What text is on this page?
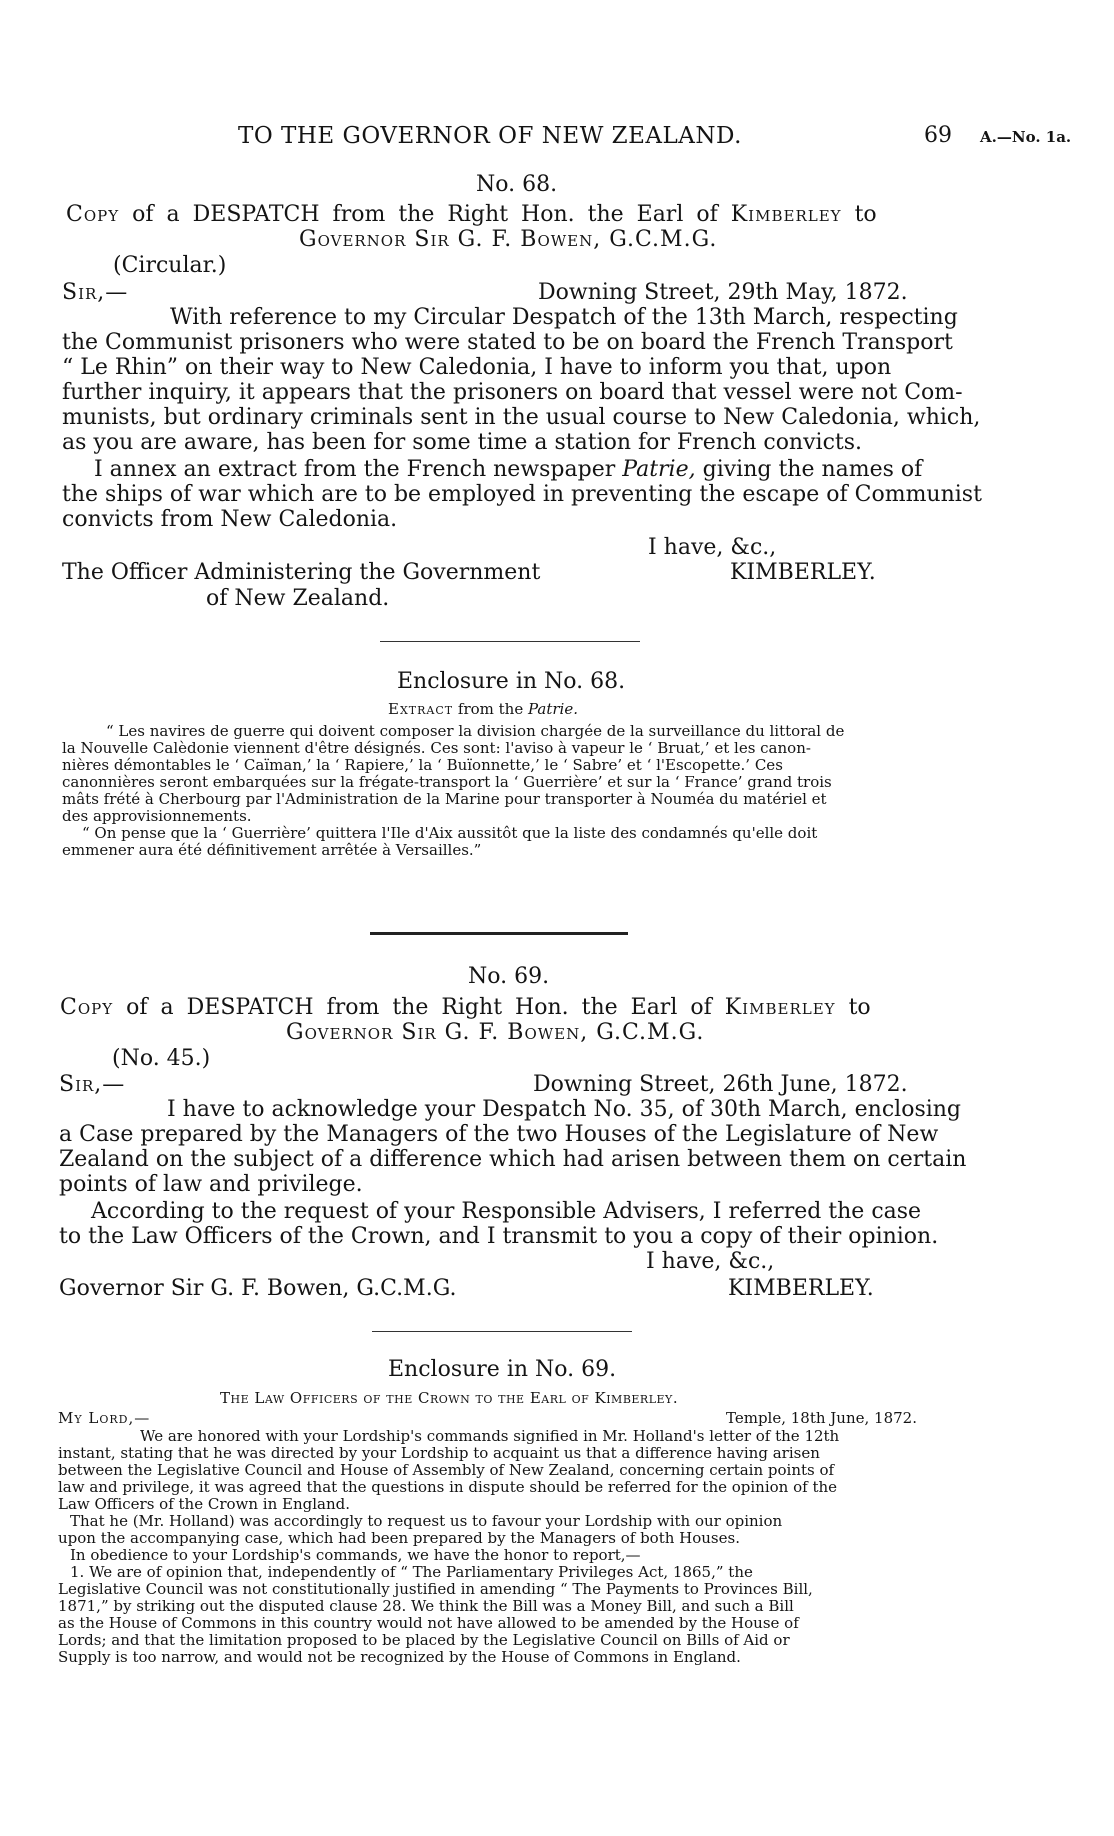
TO THE GOVERNOR OF NEW ZEALAND.	69 A.—No. 1a.
No. 68.
Copy of a DESPATCH from the Right Hon. the Earl of Kimberley to
Governor Sir G. F. Bowen, G.C.M.G.
(Circular.)
Sir,—	Downing Street, 29th May, 1872.
With reference to my Circular Despatch of the 13th March, respecting
the Communist prisoners who were stated to be on board the French Transport
“ Le Rhin” on their way to New Caledonia, I have to inform you that, upon
further inquiry, it appears that the prisoners on board that vessel were not Com-
munists, but ordinary criminals sent in the usual course to New Caledonia, which,
as you are aware, has been for some time a station for French convicts.
I annex an extract from the French newspaper Patrie, giving the names of
the ships of war which are to be employed in preventing the escape of Communist
convicts from New Caledonia.
I have, &c.,
The Officer Administering the Government	KIMBERLEY.
of New Zealand.
Enclosure in No. 68.
Extract from the Patrie.
“ Les navires de guerre qui doivent composer la division chargée de la surveillance du littoral de
la Nouvelle Calèdonie viennent d'être désignés. Ces sont: l'aviso à vapeur le ‘ Bruat,’ et les canon-
nières démontables le ‘ Caïman,’ la ‘ Rapiere,’ la ‘ Buïonnette,’ le ‘ Sabre’ et ‘ l'Escopette.’ Ces
canonnières seront embarquées sur la frégate-transport la ‘ Guerrière’ et sur la ‘ France’ grand trois
mâts frété à Cherbourg par l'Administration de la Marine pour transporter à Nouméa du matériel et
des approvisionnements.
“ On pense que la ‘ Guerrière’ quittera l'Ile d'Aix aussitôt que la liste des condamnés qu'elle doit
emmener aura été définitivement arrêtée à Versailles.”
No. 69.
Copy of a DESPATCH from the Right Hon. the Earl of Kimberley to
Governor Sir G. F. Bowen, G.C.M.G.
(No. 45.)
Sir,—	Downing Street, 26th June, 1872.
I have to acknowledge your Despatch No. 35, of 30th March, enclosing
a Case prepared by the Managers of the two Houses of the Legislature of New
Zealand on the subject of a difference which had arisen between them on certain
points of law and privilege.
According to the request of your Responsible Advisers, I referred the case
to the Law Officers of the Crown, and I transmit to you a copy of their opinion.
I have, &c.,
Governor Sir G. F. Bowen, G.C.M.G.	KIMBERLEY.
Enclosure in No. 69.
The Law Officers of the Crown to the Earl of Kimberley.
My Lord,—	Temple, 18th June, 1872.
We are honored with your Lordship's commands signified in Mr. Holland's letter of the 12th
instant, stating that he was directed by your Lordship to acquaint us that a difference having arisen
between the Legislative Council and House of Assembly of New Zealand, concerning certain points of
law and privilege, it was agreed that the questions in dispute should be referred for the opinion of the
Law Officers of the Crown in England.
That he (Mr. Holland) was accordingly to request us to favour your Lordship with our opinion
upon the accompanying case, which had been prepared by the Managers of both Houses.
In obedience to your Lordship's commands, we have the honor to report,—
1. We are of opinion that, independently of “ The Parliamentary Privileges Act, 1865,” the
Legislative Council was not constitutionally justified in amending “ The Payments to Provinces Bill,
1871,” by striking out the disputed clause 28. We think the Bill was a Money Bill, and such a Bill
as the House of Commons in this country would not have allowed to be amended by the House of
Lords; and that the limitation proposed to be placed by the Legislative Council on Bills of Aid or
Supply is too narrow, and would not be recognized by the House of Commons in England.
